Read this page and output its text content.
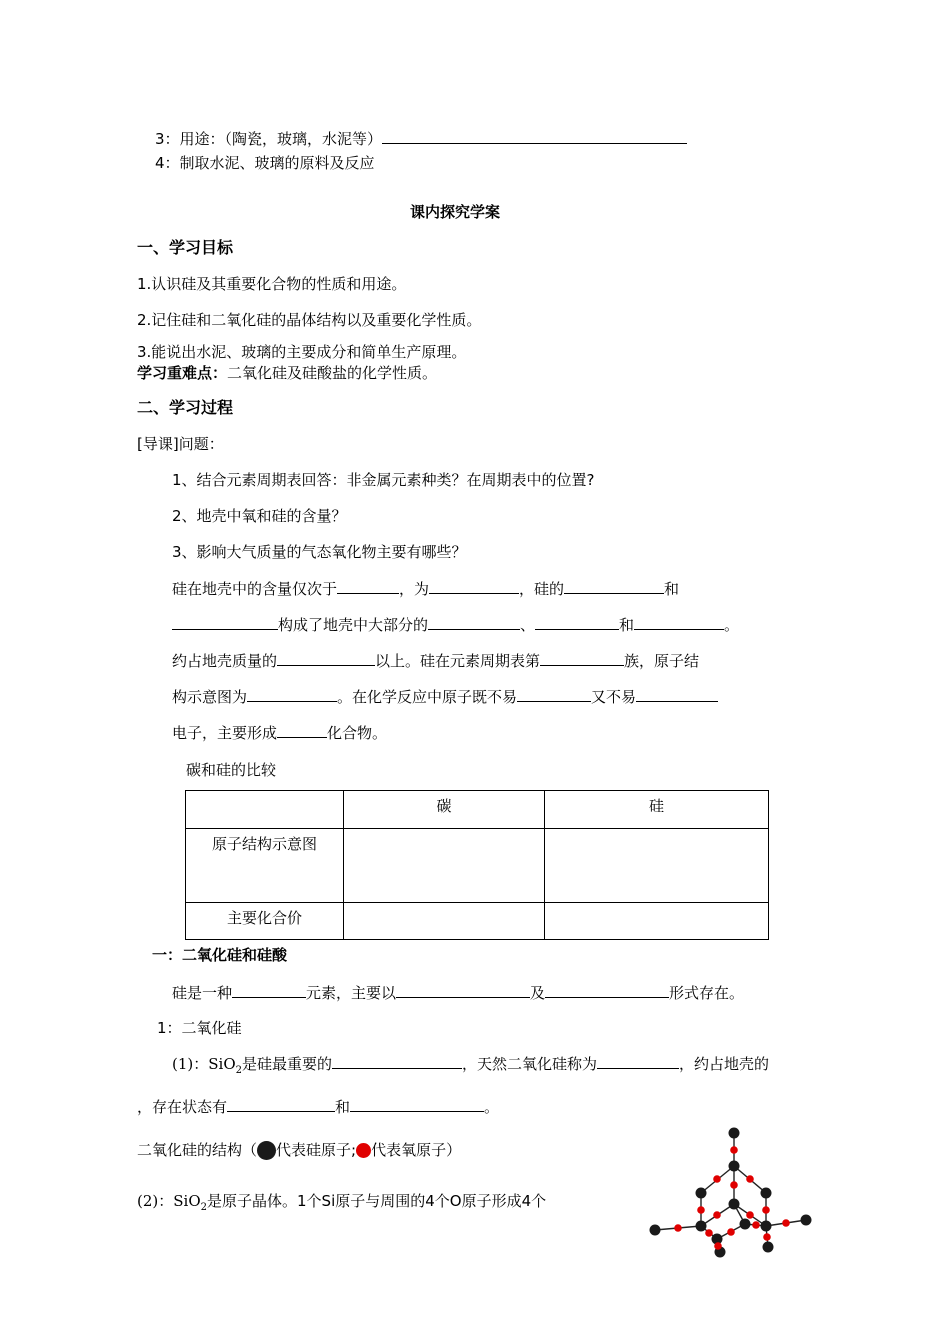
3：用途：（陶瓷，玻璃，水泥等）
4：制取水泥、玻璃的原料及反应
课内探究学案
一、学习目标
1.认识硅及其重要化合物的性质和用途。
2.记住硅和二氧化硅的晶体结构以及重要化学性质。
3.能说出水泥、玻璃的主要成分和简单生产原理。
学习重难点：二氧化硅及硅酸盐的化学性质。
二、学习过程
[导课]问题：
1、结合元素周期表回答：非金属元素种类？在周期表中的位置?
2、地壳中氧和硅的含量？
3、影响大气质量的气态氧化物主要有哪些？
硅在地壳中的含量仅次于	，为	，硅的	和
构成了地壳中大部分的	、	和	。
约占地壳质量的	以上。硅在元素周期表第	族，原子结
构示意图为	。在化学反应中原子既不易	又不易
电子，主要形成	化合物。
碳和硅的比较
	碳	硅
原子结构示意图		
主要化合价		
一：二氧化硅和硅酸
硅是一种	元素，主要以	及	形式存在。
1：二氧化硅
(1)：SiO$_2$是硅最重要的	，天然二氧化硅称为	，约占地壳的
，存在状态有	和	。
二氧化硅的结构（ 代表硅原子; 代表氧原子）
(2)：SiO$_2$是原子晶体。1个Si原子与周围的4个O原子形成4个
